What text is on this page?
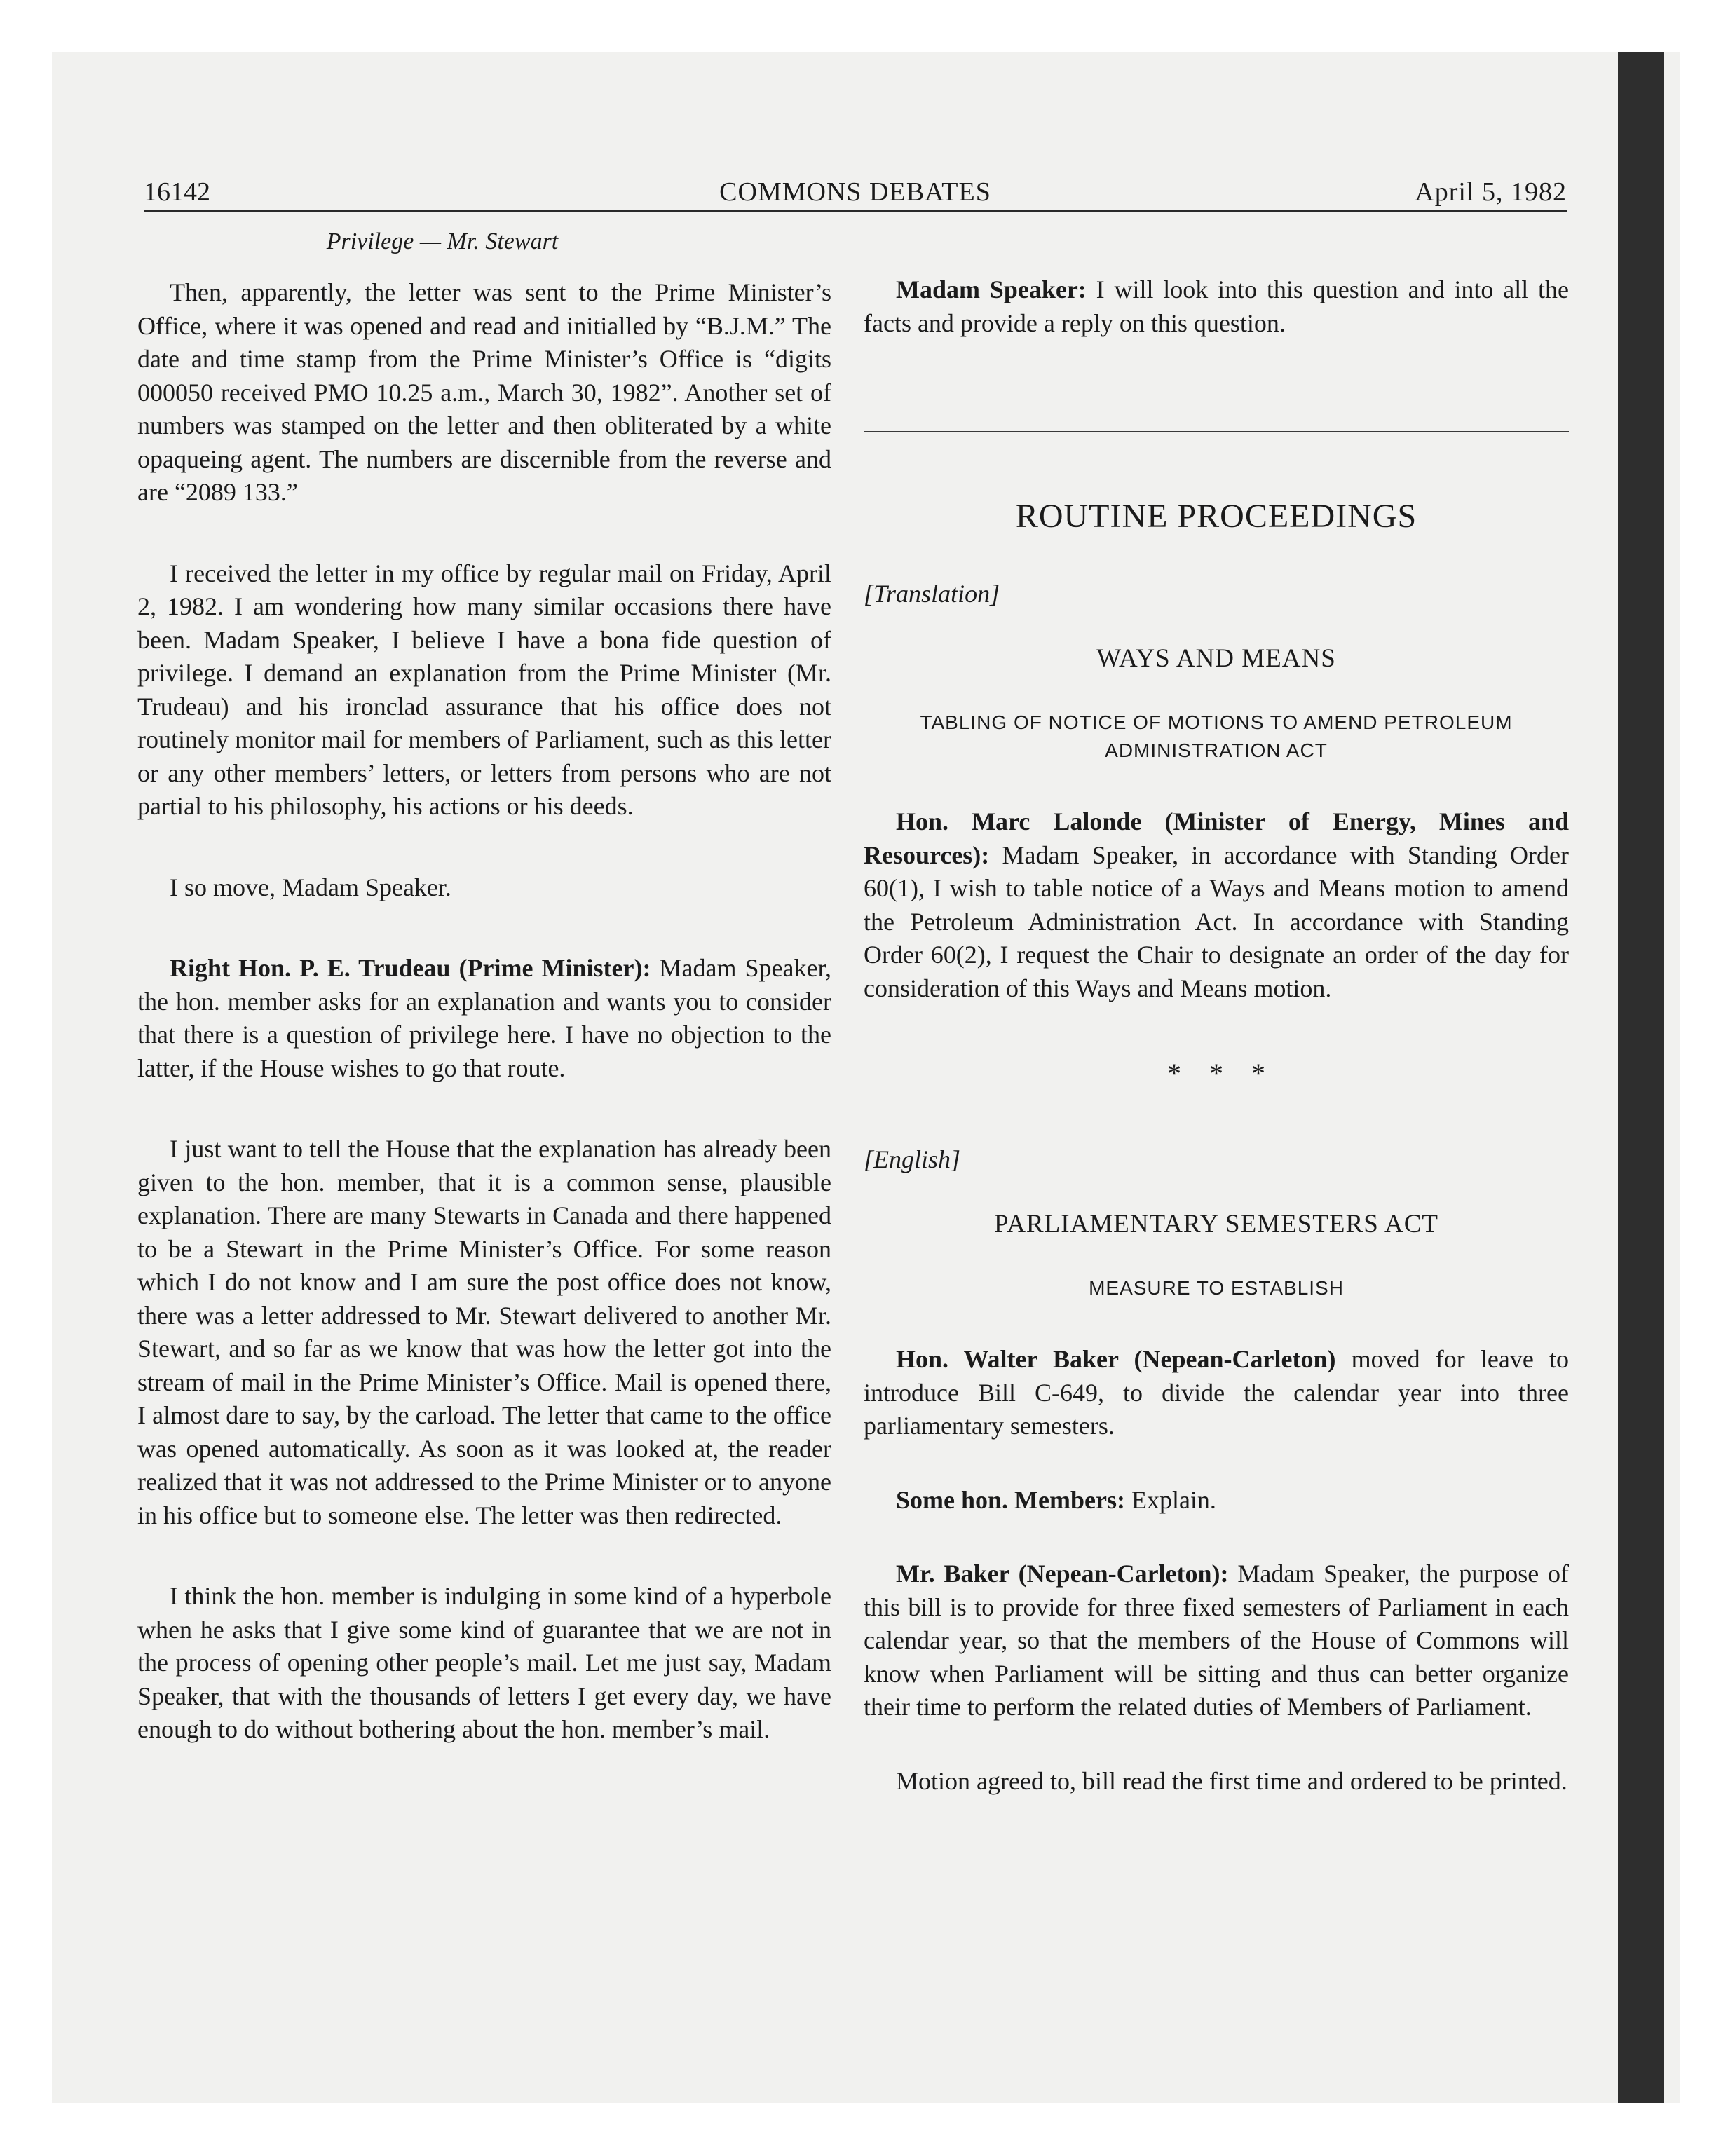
16142	COMMONS DEBATES	April 5, 1982
Privilege — Mr. Stewart

Then, apparently, the letter was sent to the Prime Minister’s Office, where it was opened and read and initialled by “B.J.M.” The date and time stamp from the Prime Minister’s Office is “digits 000050 received PMO 10.25 a.m., March 30, 1982”. Another set of numbers was stamped on the letter and then obliterated by a white opaqueing agent. The numbers are discernible from the reverse and are “2089 133.”

I received the letter in my office by regular mail on Friday, April 2, 1982. I am wondering how many similar occasions there have been. Madam Speaker, I believe I have a bona fide question of privilege. I demand an explanation from the Prime Minister (Mr. Trudeau) and his ironclad assurance that his office does not routinely monitor mail for members of Parliament, such as this letter or any other members’ letters, or letters from persons who are not partial to his philosophy, his actions or his deeds.

I so move, Madam Speaker.

Right Hon. P. E. Trudeau (Prime Minister): Madam Speaker, the hon. member asks for an explanation and wants you to consider that there is a question of privilege here. I have no objection to the latter, if the House wishes to go that route.

I just want to tell the House that the explanation has already been given to the hon. member, that it is a common sense, plausible explanation. There are many Stewarts in Canada and there happened to be a Stewart in the Prime Minister’s Office. For some reason which I do not know and I am sure the post office does not know, there was a letter addressed to Mr. Stewart delivered to another Mr. Stewart, and so far as we know that was how the letter got into the stream of mail in the Prime Minister’s Office. Mail is opened there, I almost dare to say, by the carload. The letter that came to the office was opened automatically. As soon as it was looked at, the reader realized that it was not addressed to the Prime Minister or to anyone in his office but to someone else. The letter was then redirected.

I think the hon. member is indulging in some kind of a hyperbole when he asks that I give some kind of guarantee that we are not in the process of opening other people’s mail. Let me just say, Madam Speaker, that with the thousands of letters I get every day, we have enough to do without bothering about the hon. member’s mail.

Madam Speaker: I will look into this question and into all the facts and provide a reply on this question.

ROUTINE PROCEEDINGS
[Translation]
WAYS AND MEANS
TABLING OF NOTICE OF MOTIONS TO AMEND PETROLEUM ADMINISTRATION ACT

Hon. Marc Lalonde (Minister of Energy, Mines and Resources): Madam Speaker, in accordance with Standing Order 60(1), I wish to table notice of a Ways and Means motion to amend the Petroleum Administration Act. In accordance with Standing Order 60(2), I request the Chair to designate an order of the day for consideration of this Ways and Means motion.

* * *
[English]
PARLIAMENTARY SEMESTERS ACT
MEASURE TO ESTABLISH

Hon. Walter Baker (Nepean-Carleton) moved for leave to introduce Bill C-649, to divide the calendar year into three parliamentary semesters.

Some hon. Members: Explain.

Mr. Baker (Nepean-Carleton): Madam Speaker, the purpose of this bill is to provide for three fixed semesters of Parliament in each calendar year, so that the members of the House of Commons will know when Parliament will be sitting and thus can better organize their time to perform the related duties of Members of Parliament.

Motion agreed to, bill read the first time and ordered to be printed.
